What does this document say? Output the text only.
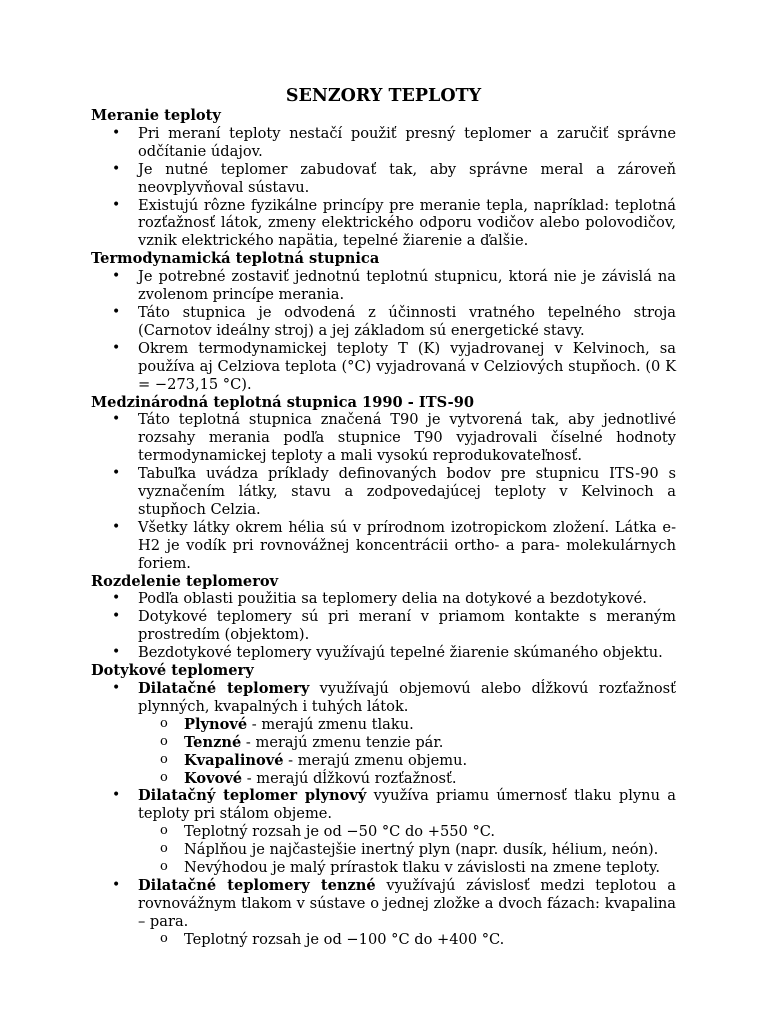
SENZORY TEPLOTY
Meranie teploty
• Pri meraní teploty nestačí použiť presný teplomer a zaručiť správne odčítanie údajov.
• Je nutné teplomer zabudovať tak, aby správne meral a zároveň neovplyvňoval sústavu.
• Existujú rôzne fyzikálne princípy pre meranie tepla, napríklad: teplotná rozťažnosť látok, zmeny elektrického odporu vodičov alebo polovodičov, vznik elektrického napätia, tepelné žiarenie a ďalšie.
Termodynamická teplotná stupnica
• Je potrebné zostaviť jednotnú teplotnú stupnicu, ktorá nie je závislá na zvolenom princípe merania.
• Táto stupnica je odvodená z účinnosti vratného tepelného stroja (Carnotov ideálny stroj) a jej základom sú energetické stavy.
• Okrem termodynamickej teploty T (K) vyjadrovanej v Kelvinoch, sa používa aj Celziova teplota (°C) vyjadrovaná v Celziových stupňoch. (0 K = −273,15 °C).
Medzinárodná teplotná stupnica 1990 - ITS-90
• Táto teplotná stupnica značená T90 je vytvorená tak, aby jednotlivé rozsahy merania podľa stupnice T90 vyjadrovali číselné hodnoty termodynamickej teploty a mali vysokú reprodukovateľnosť.
• Tabuľka uvádza príklady definovaných bodov pre stupnicu ITS-90 s vyznačením látky, stavu a zodpovedajúcej teploty v Kelvinoch a stupňoch Celzia.
• Všetky látky okrem hélia sú v prírodnom izotropickom zložení. Látka e-H2 je vodík pri rovnovážnej koncentrácii ortho- a para- molekulárnych foriem.
Rozdelenie teplomerov
• Podľa oblasti použitia sa teplomery delia na dotykové a bezdotykové.
• Dotykové teplomery sú pri meraní v priamom kontakte s meraným prostredím (objektom).
• Bezdotykové teplomery využívajú tepelné žiarenie skúmaného objektu.
Dotykové teplomery
• Dilatačné teplomery využívajú objemovú alebo dĺžkovú rozťažnosť plynných, kvapalných i tuhých látok.
o Plynové - merajú zmenu tlaku.
o Tenzné - merajú zmenu tenzie pár.
o Kvapalinové - merajú zmenu objemu.
o Kovové - merajú dĺžkovú rozťažnosť.
• Dilatačný teplomer plynový využíva priamu úmernosť tlaku plynu a teploty pri stálom objeme.
o Teplotný rozsah je od −50 °C do +550 °C.
o Náplňou je najčastejšie inertný plyn (napr. dusík, hélium, neón).
o Nevýhodou je malý prírastok tlaku v závislosti na zmene teploty.
• Dilatačné teplomery tenzné využívajú závislosť medzi teplotou a rovnovážnym tlakom v sústave o jednej zložke a dvoch fázach: kvapalina – para.
o Teplotný rozsah je od −100 °C do +400 °C.
